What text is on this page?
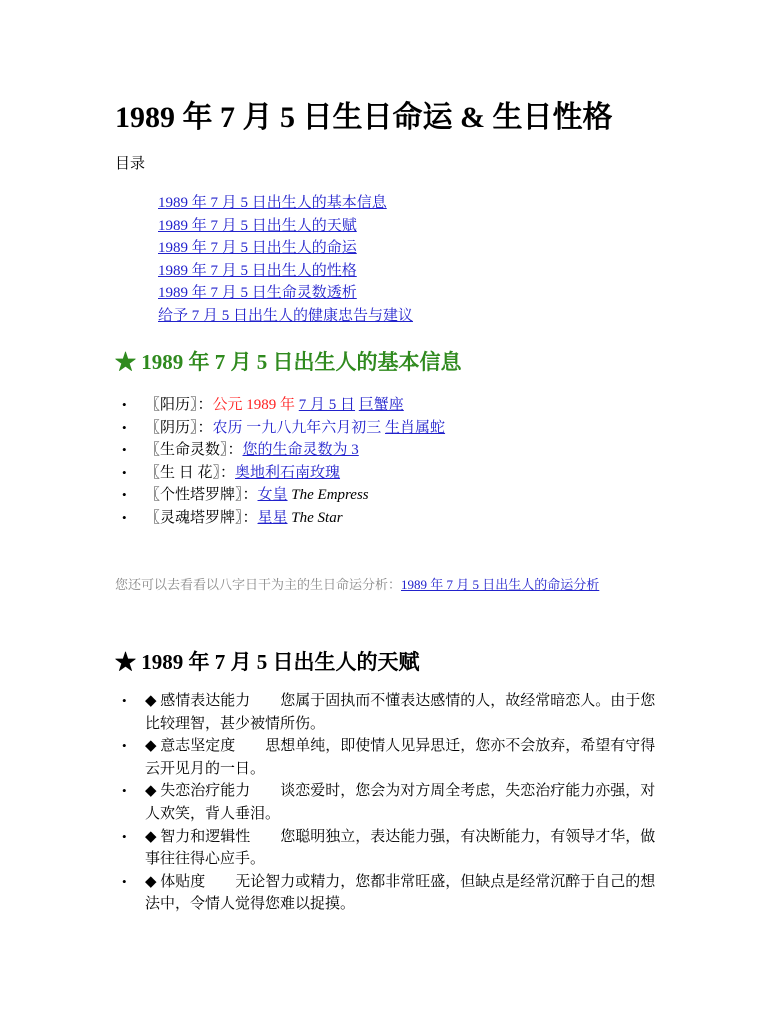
1989 年 7 月 5 日生日命运 & 生日性格
目录
1989 年 7 月 5 日出生人的基本信息
1989 年 7 月 5 日出生人的天赋
1989 年 7 月 5 日出生人的命运
1989 年 7 月 5 日出生人的性格
1989 年 7 月 5 日生命灵数透析
给予 7 月 5 日出生人的健康忠告与建议
★ 1989 年 7 月 5 日出生人的基本信息
• 〖阳历〗：公元 1989 年 7 月 5 日 巨蟹座
• 〖阴历〗：农历 一九八九年六月初三 生肖属蛇
• 〖生命灵数〗：您的生命灵数为 3
• 〖生 日 花〗：奥地利石南玫瑰
• 〖个性塔罗牌〗：女皇 The Empress
• 〖灵魂塔罗牌〗：星星 The Star
您还可以去看看以八字日干为主的生日命运分析：1989 年 7 月 5 日出生人的命运分析
★ 1989 年 7 月 5 日出生人的天赋
• ◆ 感情表达能力 您属于固执而不懂表达感情的人，故经常暗恋人。由于您比较理智，甚少被情所伤。
• ◆ 意志坚定度 思想单纯，即使情人见异思迁，您亦不会放弃，希望有守得云开见月的一日。
• ◆ 失恋治疗能力 谈恋爱时，您会为对方周全考虑，失恋治疗能力亦强，对人欢笑，背人垂泪。
• ◆ 智力和逻辑性 您聪明独立，表达能力强，有决断能力，有领导才华，做事往往得心应手。
• ◆ 体贴度 无论智力或精力，您都非常旺盛，但缺点是经常沉醉于自己的想法中，令情人觉得您难以捉摸。
